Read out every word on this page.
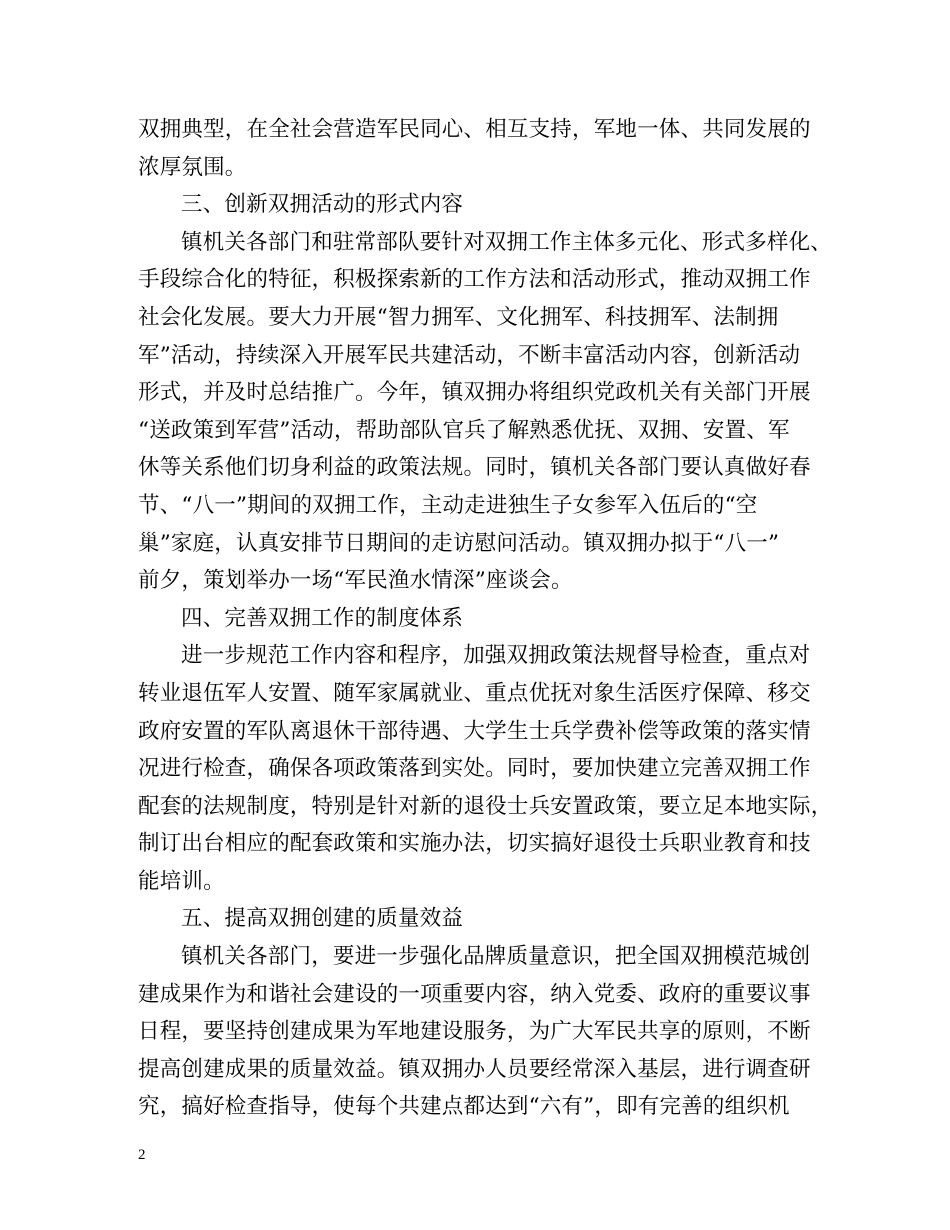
双拥典型，在全社会营造军民同心、相互支持，军地一体、共同发展的
浓厚氛围。
三、创新双拥活动的形式内容
镇机关各部门和驻常部队要针对双拥工作主体多元化、形式多样化、
手段综合化的特征，积极探索新的工作方法和活动形式，推动双拥工作
社会化发展。要大力开展“智力拥军、文化拥军、科技拥军、法制拥
军”活动，持续深入开展军民共建活动，不断丰富活动内容，创新活动
形式，并及时总结推广。今年，镇双拥办将组织党政机关有关部门开展
“送政策到军营”活动，帮助部队官兵了解熟悉优抚、双拥、安置、军
休等关系他们切身利益的政策法规。同时，镇机关各部门要认真做好春
节、“八一”期间的双拥工作，主动走进独生子女参军入伍后的“空
巢”家庭，认真安排节日期间的走访慰问活动。镇双拥办拟于“八一”
前夕，策划举办一场“军民渔水情深”座谈会。
四、完善双拥工作的制度体系
进一步规范工作内容和程序，加强双拥政策法规督导检查，重点对
转业退伍军人安置、随军家属就业、重点优抚对象生活医疗保障、移交
政府安置的军队离退休干部待遇、大学生士兵学费补偿等政策的落实情
况进行检查，确保各项政策落到实处。同时，要加快建立完善双拥工作
配套的法规制度，特别是针对新的退役士兵安置政策，要立足本地实际，
制订出台相应的配套政策和实施办法，切实搞好退役士兵职业教育和技
能培训。
五、提高双拥创建的质量效益
镇机关各部门，要进一步强化品牌质量意识，把全国双拥模范城创
建成果作为和谐社会建设的一项重要内容，纳入党委、政府的重要议事
日程，要坚持创建成果为军地建设服务，为广大军民共享的原则，不断
提高创建成果的质量效益。镇双拥办人员要经常深入基层，进行调查研
究，搞好检查指导，使每个共建点都达到“六有”，即有完善的组织机
2
